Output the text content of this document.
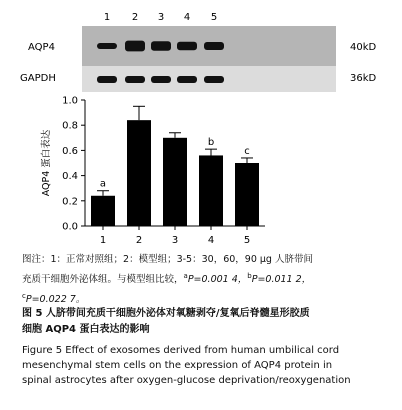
1 2 3 4 5
AQP4	40kD
GAPDH	36kD
0.0
0.2
0.4
0.6
0.8
1.0
AQP4 蛋白表达	a
1	2	3
b
4
c
5
图注：1：正常对照组；2：模型组；3-5：30，60，90 μg 人脐带间
充质干细胞外泌体组。与模型组比较，$^a$P=0.001 4，$^b$P=0.011 2，
$^c$P=0.022 7。
图 5 人脐带间充质干细胞外泌体对氧糖剥夺/复氧后脊髓星形胶质
细胞 AQP4 蛋白表达的影响
Figure 5 Effect of exosomes derived from human umbilical cord
mesenchymal stem cells on the expression of AQP4 protein in
spinal astrocytes after oxygen-glucose deprivation/reoxygenation
